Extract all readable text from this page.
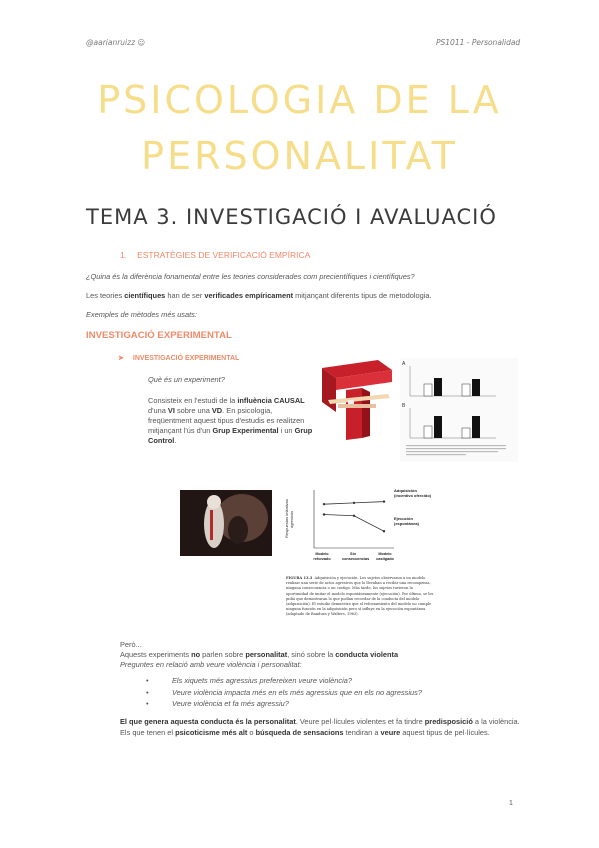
@aarianruizz ☺	PS1011 - Personalidad
PSICOLOGIA DE LA
PERSONALITAT
TEMA 3. INVESTIGACIÓ I AVALUACIÓ
1. ESTRATÈGIES DE VERIFICACIÓ EMPÍRICA
¿Quina és la diferència fonamental entre les teories considerades com precientífiques i científiques?
Les teories científiques han de ser verificades empíricament mitjançant diferents tipus de metodologia.
Exemples de mètodes més usats:
INVESTIGACIÓ EXPERIMENTAL
➤ INVESTIGACIÓ EXPERIMENTAL
Què és un experiment?
Consisteix en l'estudi de la influència CAUSAL d'una VI sobre una VD. En psicologia, freqüentment aquest tipus d'estudis es realitzen mitjançant l'ús d'un Grup Experimental i un Grup Control.
A
B
Respuestas imitativas agresivas
Adquisición (incentivo ofrecido)
Ejecución (espontánea)
Modelo reforzado
Sin consecuencias
Modelo castigado
FIGURA 13.3 Adquisición y ejecución. Los sujetos observaron a un modelo realizar una serie de actos agresivos que lo llevaban a recibir una recompensa, ninguna consecuencia o un castigo. Más tarde, los sujetos tuvieron la oportunidad de imitar el modelo espontáneamente (ejecución). Por último, se les pidió que demostraran lo que podían recordar de la conducta del modelo (adquisición). El estudio demuestra que el reforzamiento del modelo no cumple ninguna función en la adquisición pero sí influye en la ejecución espontánea (adaptado de Bandura y Walters, 1963).
Però...
Aquests experiments no parlen sobre personalitat, sinó sobre la conducta violenta
Preguntes en relació amb veure violència i personalitat:
• Els xiquets més agressius prefereixen veure violència?
• Veure violència impacta més en els més agressius que en els no agressius?
• Veure violència et fa més agressiu?
El que genera aquesta conducta és la personalitat. Veure pel·lícules violentes et fa tindre predisposició a la violència. Els que tenen el psicoticisme més alt o búsqueda de sensacions tendiran a veure aquest tipus de pel·lícules.
1
